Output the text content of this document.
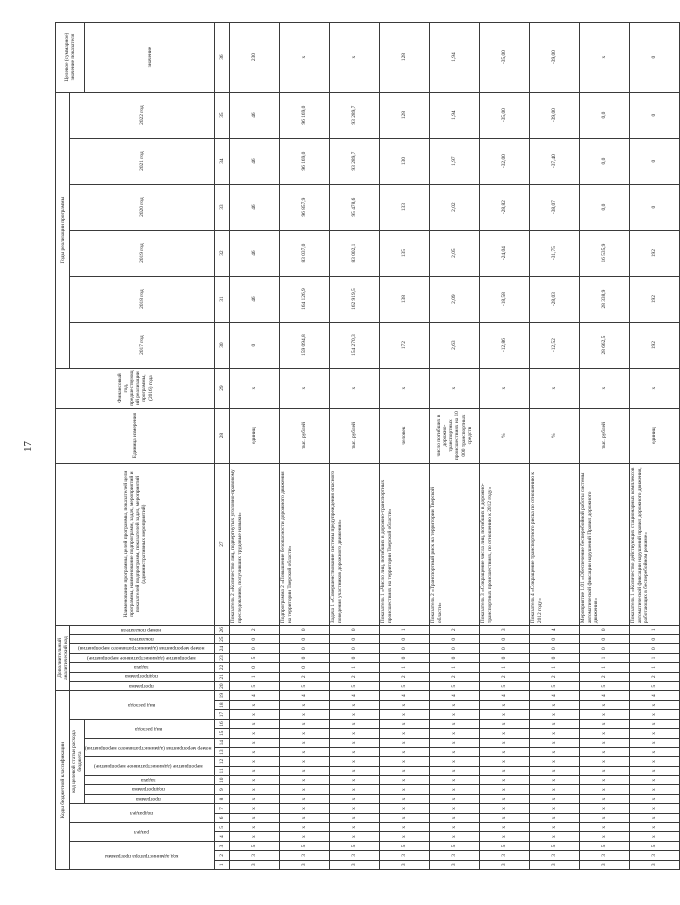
17
Коды бюджетной классификации																			Дополнительный аналитический код							Наименование программы, целей программы, показателей цели программы, наименование подпрограмм, задач, мероприятий и показателей подпрограмм, показателей задач, мероприятий (административных мероприятий)	Единица измерения	Финансовый год, предшествующий реализации программы, (2016) года	Годы реализации программы						Целевое (суммарное) значение показателя	
код администратора программы			раздел		подраздел		код целевой статьи расхода бюджета									вид расхода			программа	подпрограмма	задача	мероприятие (административное мероприятие)	номер мероприятия (административного мероприятия)	показатель	номер показателя				2017 год	2018 год	2019 год	2020 год	2021 год	2022 год		
							программа	подпрограмма	задача	мероприятие (административное мероприятие)		номер мероприятия (административного мероприятия)		вид расхода																					значение	
1	2	3	4	5	6	7	8	9	10	11	12	13	14	15	16	17	18	19	20	21	22	23	24	25	26	27	28	29	30	31	32	33	34	35	36	
3	3	5	х	х	х	х	х	х	х	х	х	х	х	х	х	х	х	4	5	1	0	5	0	0	2	Показатель 2 «Количество лиц, подвергнутых уголовно-правовому преследованию, получивших трудовые навыки»	единиц	х	0	46	46	46	46	46	230	
3	3	5	х	х	х	х	х	х	х	х	х	х	х	х	х	х	х	4	5	2	0	0	0	0	0	Подпрограмма 2 «Повышение безопасности дорожного движения на территории Тверской области»	тыс. рублей	х	159 094,8	164 126,9	83 037,0	96 857,9	96 169,0	96 169,0	х	
3	3	5	х	х	х	х	х	х	х	х	х	х	х	х	х	х	х	4	5	2	1	0	0	0	0	Задача 1 «Совершенствование системы предупреждения опасного поведения участников дорожного движения»	тыс. рублей	х	154 270,3	162 919,5	83 002,1	95 478,6	93 289,7	93 289,7	х	
3	3	5	х	х	х	х	х	х	х	х	х	х	х	х	х	х	х	4	5	2	1	0	0	0	1	Показатель 1 «Число лиц, погибших в дорожно-транспортных происшествиях на территории Тверской области»	человек	х	172	138	135	133	130	128	128	
3	3	5	х	х	х	х	х	х	х	х	х	х	х	х	х	х	х	4	5	2	1	0	0	0	2	Показатель 2 «Транспортный риск на территории Тверской области»	число погибших в дорожно-транспортных происшествиях на 10 000 транспортных средств	х	2,63	2,09	2,05	2,02	1,97	1,94	1,94	
3	3	5	х	х	х	х	х	х	х	х	х	х	х	х	х	х	х	4	5	2	1	0	0	0	3	Показатель 3 «Сокращение числа лиц, погибших в дорожно-транспортных происшествиях, по отношению к 2012 году»	%	х	-12,86	-18,58	-24,04	-28,82	-32,00	-35,00	-35,00	
3	3	5	х	х	х	х	х	х	х	х	х	х	х	х	х	х	х	4	5	2	1	0	0	0	4	Показатель 4 «Сокращение транспортного риска по отношению к 2012 году»	%	х	-12,52	-28,03	-31,75	-38,07	-37,40	-39,00	-39,00	
3	3	5	х	х	х	х	х	х	х	х	х	х	х	х	х	х	х	4	5	2	1	1	0	0	0	Мероприятие 1.01 «Обеспечение бесперебойной работы системы автоматической фиксации нарушений Правил дорожного движения»	тыс. рублей	х	28 662,5	28 338,9	16 535,9	0,0	0,0	0,0	х	
3	3	5	х	х	х	х	х	х	х	х	х	х	х	х	х	х	х	4	5	2	1	1	0	0	1	Показатель 1 «Количество действующих стационарных комплексов автоматической фиксации нарушений правил дорожного движения, работающих в бесперебойном режиме»	единиц	х	192	192	192	0	0	0	0	
